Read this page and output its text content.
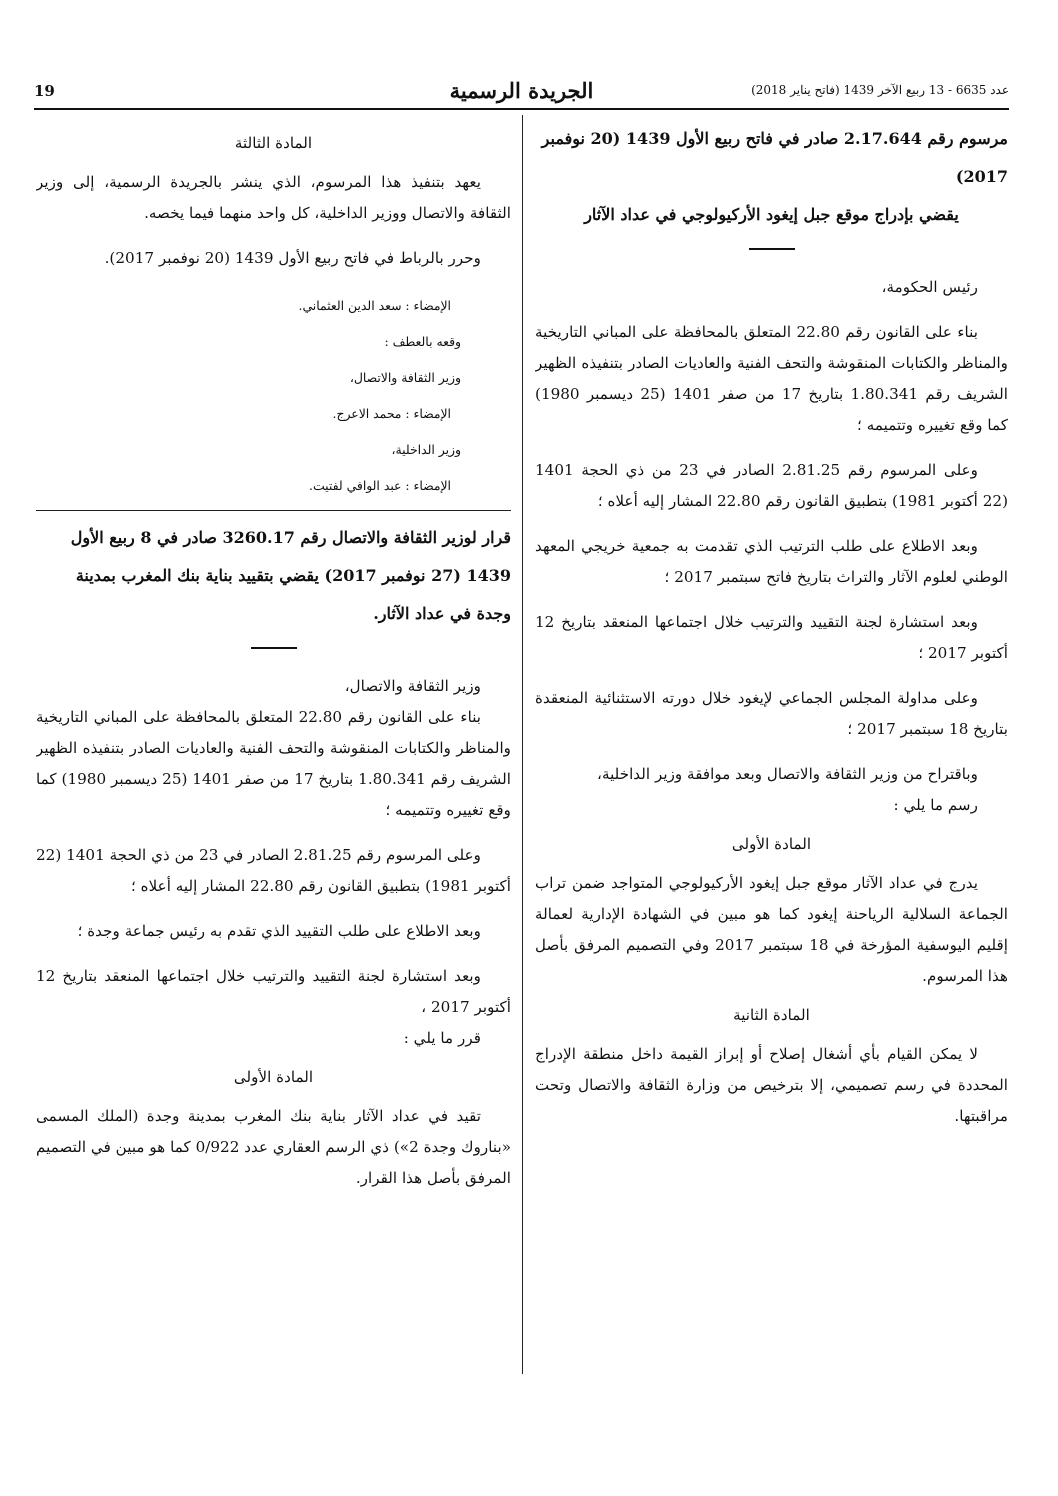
عدد 6635 - 13 ربيع الآخر 1439 (فاتح يناير 2018)
الجريدة الرسمية
19

مرسوم رقم 2.17.644 صادر في فاتح ربيع الأول 1439 (20 نوفمبر 2017)

يقضي بإدراج موقع جبل إيغود الأركيولوجي في عداد الآثار

رئيس الحكومة،

بناء على القانون رقم 22.80 المتعلق بالمحافظة على المباني التاريخية والمناظر والكتابات المنقوشة والتحف الفنية والعاديات الصادر بتنفيذه الظهير الشريف رقم 1.80.341 بتاريخ 17 من صفر 1401 (25 ديسمبر 1980) كما وقع تغييره وتتميمه ؛

وعلى المرسوم رقم 2.81.25 الصادر في 23 من ذي الحجة 1401 (22 أكتوبر 1981) بتطبيق القانون رقم 22.80 المشار إليه أعلاه ؛

وبعد الاطلاع على طلب الترتيب الذي تقدمت به جمعية خريجي المعهد الوطني لعلوم الآثار والتراث بتاريخ فاتح سبتمبر 2017 ؛

وبعد استشارة لجنة التقييد والترتيب خلال اجتماعها المنعقد بتاريخ 12 أكتوبر 2017 ؛

وعلى مداولة المجلس الجماعي لإيغود خلال دورته الاستثنائية المنعقدة بتاريخ 18 سبتمبر 2017 ؛

وباقتراح من وزير الثقافة والاتصال وبعد موافقة وزير الداخلية،

رسم ما يلي :

المادة الأولى

يدرج في عداد الآثار موقع جبل إيغود الأركيولوجي المتواجد ضمن تراب الجماعة السلالية الرياحنة إيغود كما هو مبين في الشهادة الإدارية لعمالة إقليم اليوسفية المؤرخة في 18 سبتمبر 2017 وفي التصميم المرفق بأصل هذا المرسوم.

المادة الثانية

لا يمكن القيام بأي أشغال إصلاح أو إبراز القيمة داخل منطقة الإدراج المحددة في رسم تصميمي، إلا بترخيص من وزارة الثقافة والاتصال وتحت مراقبتها.

المادة الثالثة

يعهد بتنفيذ هذا المرسوم، الذي ينشر بالجريدة الرسمية، إلى وزير الثقافة والاتصال ووزير الداخلية، كل واحد منهما فيما يخصه.

وحرر بالرباط في فاتح ربيع الأول 1439 (20 نوفمبر 2017).

الإمضاء : سعد الدين العثماني.

وقعه بالعطف :

وزير الثقافة والاتصال،

الإمضاء : محمد الاعرج.

وزير الداخلية،

الإمضاء : عبد الوافي لفتيت.

قرار لوزير الثقافة والاتصال رقم 3260.17 صادر في 8 ربيع الأول 1439 (27 نوفمبر 2017) يقضي بتقييد بناية بنك المغرب بمدينة وجدة في عداد الآثار.

وزير الثقافة والاتصال،

بناء على القانون رقم 22.80 المتعلق بالمحافظة على المباني التاريخية والمناظر والكتابات المنقوشة والتحف الفنية والعاديات الصادر بتنفيذه الظهير الشريف رقم 1.80.341 بتاريخ 17 من صفر 1401 (25 ديسمبر 1980) كما وقع تغييره وتتميمه ؛

وعلى المرسوم رقم 2.81.25 الصادر في 23 من ذي الحجة 1401 (22 أكتوبر 1981) بتطبيق القانون رقم 22.80 المشار إليه أعلاه ؛

وبعد الاطلاع على طلب التقييد الذي تقدم به رئيس جماعة وجدة ؛

وبعد استشارة لجنة التقييد والترتيب خلال اجتماعها المنعقد بتاريخ 12 أكتوبر 2017 ،

قرر ما يلي :

المادة الأولى

تقيد في عداد الآثار بناية بنك المغرب بمدينة وجدة (الملك المسمى «بناروك وجدة 2») ذي الرسم العقاري عدد 0/922 كما هو مبين في التصميم المرفق بأصل هذا القرار.
